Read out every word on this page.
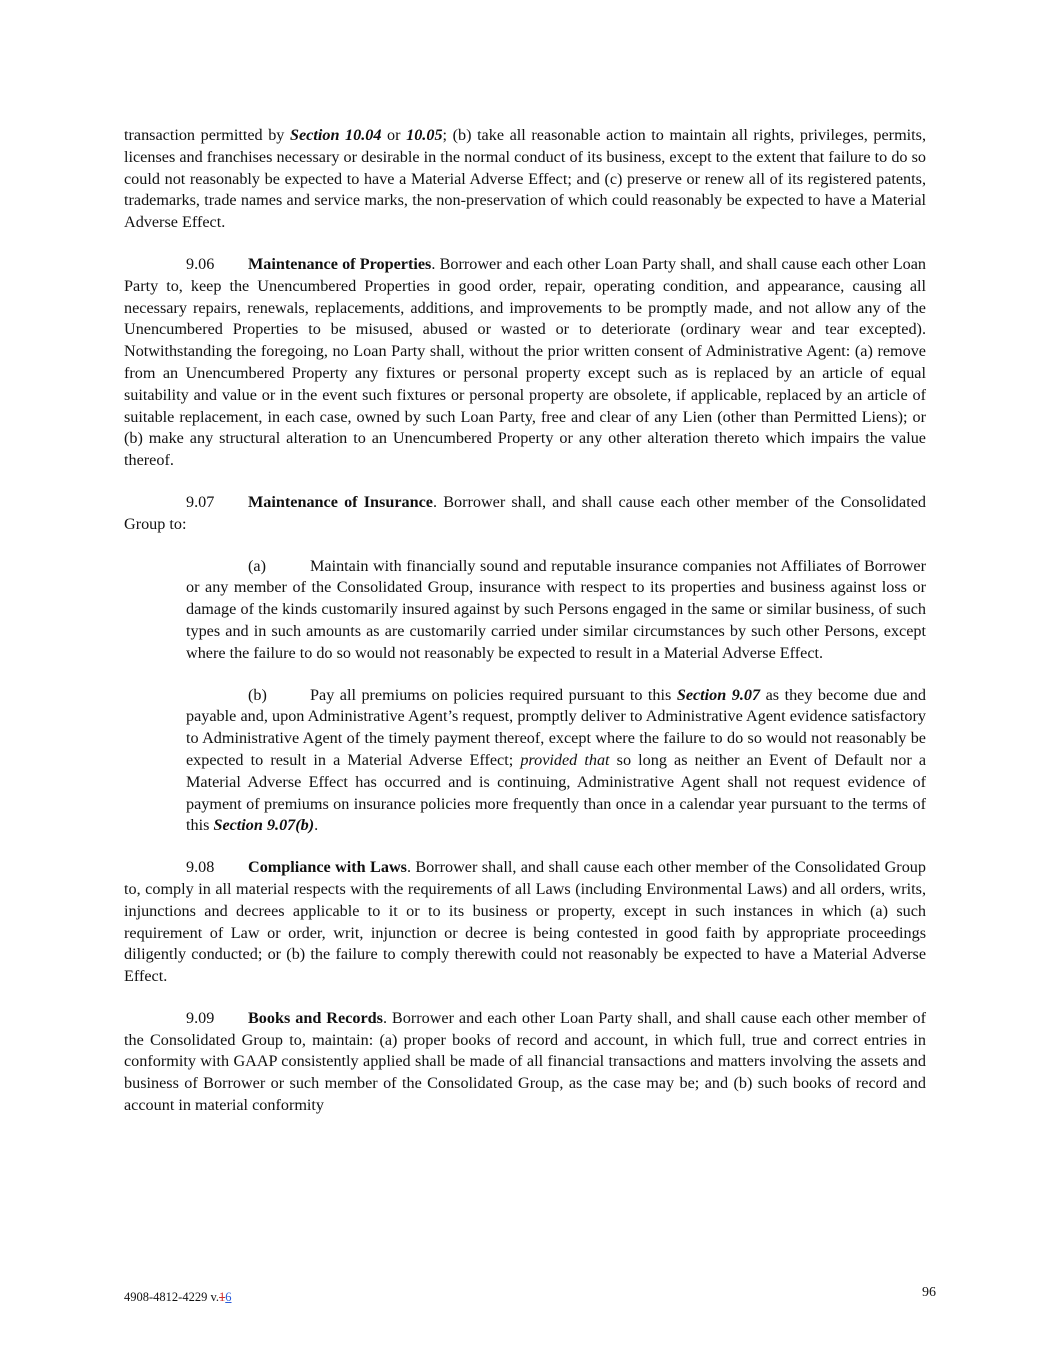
transaction permitted by Section 10.04 or 10.05; (b) take all reasonable action to maintain all rights, privileges, permits, licenses and franchises necessary or desirable in the normal conduct of its business, except to the extent that failure to do so could not reasonably be expected to have a Material Adverse Effect; and (c) preserve or renew all of its registered patents, trademarks, trade names and service marks, the non-preservation of which could reasonably be expected to have a Material Adverse Effect.

9.06 Maintenance of Properties. Borrower and each other Loan Party shall, and shall cause each other Loan Party to, keep the Unencumbered Properties in good order, repair, operating condition, and appearance, causing all necessary repairs, renewals, replacements, additions, and improvements to be promptly made, and not allow any of the Unencumbered Properties to be misused, abused or wasted or to deteriorate (ordinary wear and tear excepted). Notwithstanding the foregoing, no Loan Party shall, without the prior written consent of Administrative Agent: (a) remove from an Unencumbered Property any fixtures or personal property except such as is replaced by an article of equal suitability and value or in the event such fixtures or personal property are obsolete, if applicable, replaced by an article of suitable replacement, in each case, owned by such Loan Party, free and clear of any Lien (other than Permitted Liens); or (b) make any structural alteration to an Unencumbered Property or any other alteration thereto which impairs the value thereof.

9.07 Maintenance of Insurance. Borrower shall, and shall cause each other member of the Consolidated Group to:

(a)	Maintain with financially sound and reputable insurance companies not Affiliates of Borrower or any member of the Consolidated Group, insurance with respect to its properties and business against loss or damage of the kinds customarily insured against by such Persons engaged in the same or similar business, of such types and in such amounts as are customarily carried under similar circumstances by such other Persons, except where the failure to do so would not reasonably be expected to result in a Material Adverse Effect.

(b)	Pay all premiums on policies required pursuant to this Section 9.07 as they become due and payable and, upon Administrative Agent’s request, promptly deliver to Administrative Agent evidence satisfactory to Administrative Agent of the timely payment thereof, except where the failure to do so would not reasonably be expected to result in a Material Adverse Effect; provided that so long as neither an Event of Default nor a Material Adverse Effect has occurred and is continuing, Administrative Agent shall not request evidence of payment of premiums on insurance policies more frequently than once in a calendar year pursuant to the terms of this Section 9.07(b).

9.08 Compliance with Laws. Borrower shall, and shall cause each other member of the Consolidated Group to, comply in all material respects with the requirements of all Laws (including Environmental Laws) and all orders, writs, injunctions and decrees applicable to it or to its business or property, except in such instances in which (a) such requirement of Law or order, writ, injunction or decree is being contested in good faith by appropriate proceedings diligently conducted; or (b) the failure to comply therewith could not reasonably be expected to have a Material Adverse Effect.

9.09 Books and Records. Borrower and each other Loan Party shall, and shall cause each other member of the Consolidated Group to, maintain: (a) proper books of record and account, in which full, true and correct entries in conformity with GAAP consistently applied shall be made of all financial transactions and matters involving the assets and business of Borrower or such member of the Consolidated Group, as the case may be; and (b) such books of record and account in material conformity

4908-4812-4229 v.16	96
